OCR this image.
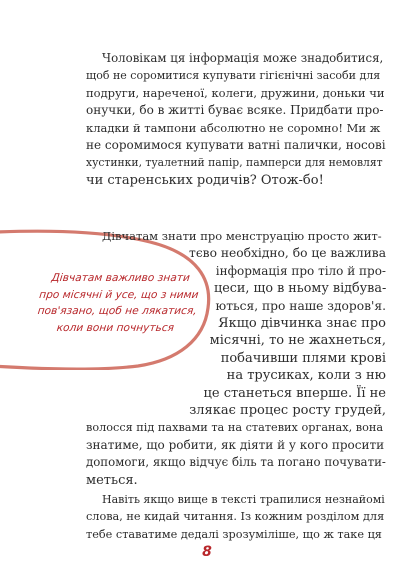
Чоловікам ця інформація може знадобитися,
щоб не соромитися купувати гігієнічні засоби для
подруги, нареченої, колеги, дружини, доньки чи
онучки, бо в житті буває всяке. Придбати про-
кладки й тампони абсолютно не соромно! Ми ж
не соромимося купувати ватні палички, носові
хустинки, туалетний папір, памперси для немовлят
чи старенських родичів? Отож-бо!
Дівчатам важливо знати
про місячні й усе, що з ними
пов'язано, щоб не лякатися,
коли вони почнуться
Дівчатам знати про менструацію просто жит-
тєво необхідно, бо це важлива
інформація про тіло й про-
цеси, що в ньому відбува-
ються, про наше здоров'я.
Якщо дівчинка знає про
місячні, то не жахнеться,
побачивши плями крові
на трусиках, коли з ню
це станеться вперше. Її не
злякає процес росту грудей,
волосся під пахвами та на статевих органах, вона
знатиме, що робити, як діяти й у кого просити
допомоги, якщо відчує біль та погано почувати-
меться.
Навіть якщо вище в тексті трапилися незнайомі
слова, не кидай читання. Із кожним розділом для
тебе ставатиме дедалі зрозуміліше, що ж таке ця
8
